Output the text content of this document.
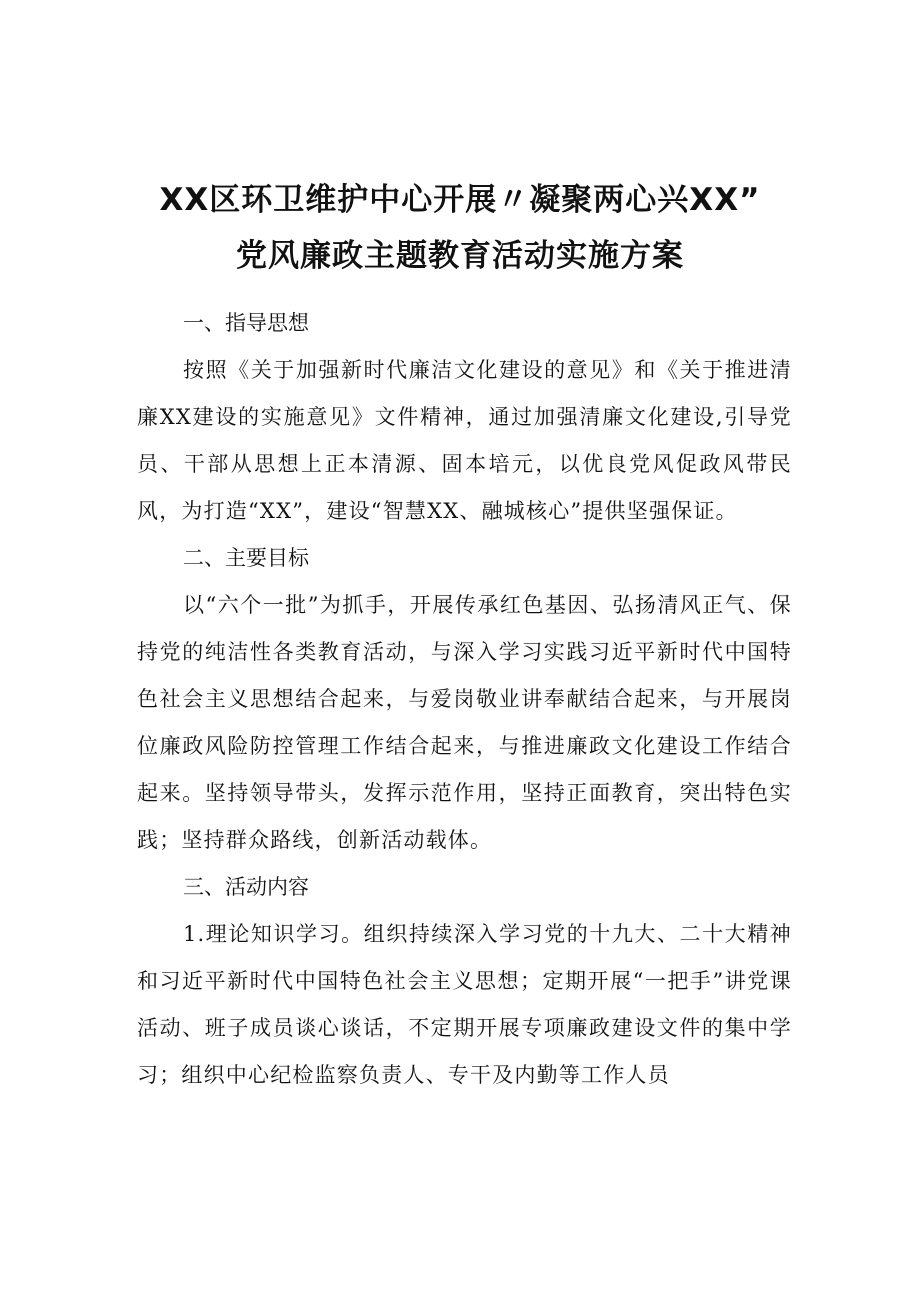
XX区环卫维护中心开展〃凝聚两心兴XX”
党风廉政主题教育活动实施方案

一、指导思想

按照《关于加强新时代廉洁文化建设的意见》和《关于推进清廉XX建设的实施意见》文件精神，通过加强清廉文化建设,引导党员、干部从思想上正本清源、固本培元，以优良党风促政风带民风，为打造“XX”，建设“智慧XX、融城核心”提供坚强保证。

二、主要目标

以“六个一批”为抓手，开展传承红色基因、弘扬清风正气、保持党的纯洁性各类教育活动，与深入学习实践习近平新时代中国特色社会主义思想结合起来，与爱岗敬业讲奉献结合起来，与开展岗位廉政风险防控管理工作结合起来，与推进廉政文化建设工作结合起来。坚持领导带头，发挥示范作用，坚持正面教育，突出特色实践；坚持群众路线，创新活动载体。

三、活动内容

1.理论知识学习。组织持续深入学习党的十九大、二十大精神和习近平新时代中国特色社会主义思想；定期开展“一把手”讲党课活动、班子成员谈心谈话，不定期开展专项廉政建设文件的集中学习；组织中心纪检监察负责人、专干及内勤等工作人员
